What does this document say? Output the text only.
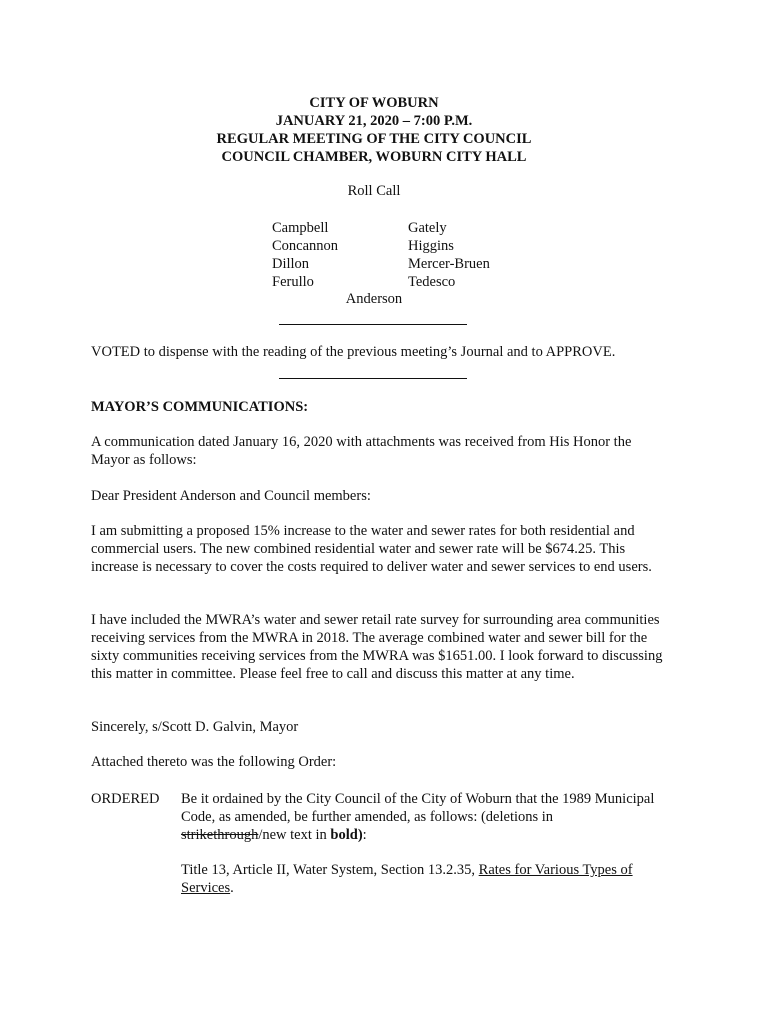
CITY OF WOBURN
JANUARY 21, 2020 – 7:00 P.M.
REGULAR MEETING OF THE CITY COUNCIL
COUNCIL CHAMBER, WOBURN CITY HALL
Roll Call
Campbell
Concannon
Dillon
Ferullo
Gately
Higgins
Mercer-Bruen
Tedesco
Anderson
VOTED to dispense with the reading of the previous meeting’s Journal and to APPROVE.
MAYOR’S COMMUNICATIONS:
A communication dated January 16, 2020 with attachments was received from His Honor the Mayor as follows:
Dear President Anderson and Council members:
I am submitting a proposed 15% increase to the water and sewer rates for both residential and commercial users. The new combined residential water and sewer rate will be $674.25. This increase is necessary to cover the costs required to deliver water and sewer services to end users.
I have included the MWRA’s water and sewer retail rate survey for surrounding area communities receiving services from the MWRA in 2018. The average combined water and sewer bill for the sixty communities receiving services from the MWRA was $1651.00. I look forward to discussing this matter in committee. Please feel free to call and discuss this matter at any time.
Sincerely, s/Scott D. Galvin, Mayor
Attached thereto was the following Order:
ORDERED Be it ordained by the City Council of the City of Woburn that the 1989 Municipal Code, as amended, be further amended, as follows: (deletions in strikethrough/new text in bold):
Title 13, Article II, Water System, Section 13.2.35, Rates for Various Types of Services.
